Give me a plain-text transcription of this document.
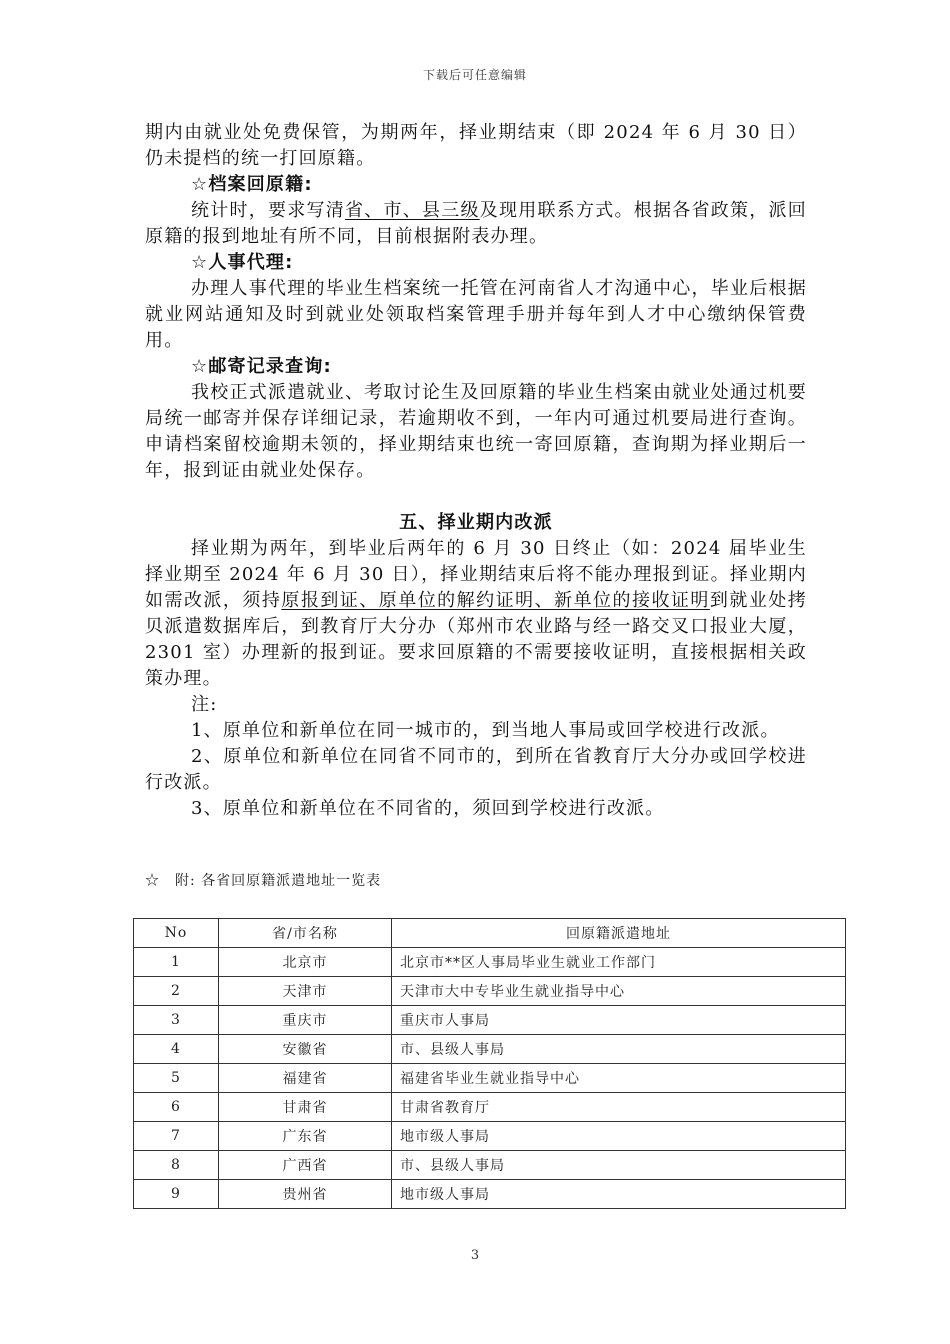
下载后可任意编辑

期内由就业处免费保管，为期两年，择业期结束（即 2024 年 6 月 30 日）仍未提档的统一打回原籍。

☆档案回原籍:

统计时，要求写清省、市、县三级及现用联系方式。根据各省政策，派回原籍的报到地址有所不同，目前根据附表办理。

☆人事代理:

办理人事代理的毕业生档案统一托管在河南省人才沟通中心，毕业后根据就业网站通知及时到就业处领取档案管理手册并每年到人才中心缴纳保管费用。

☆邮寄记录查询:

我校正式派遣就业、考取讨论生及回原籍的毕业生档案由就业处通过机要局统一邮寄并保存详细记录，若逾期收不到，一年内可通过机要局进行查询。申请档案留校逾期未领的，择业期结束也统一寄回原籍，查询期为择业期后一年，报到证由就业处保存。

五、择业期内改派

择业期为两年，到毕业后两年的 6 月 30 日终止（如：2024 届毕业生择业期至 2024 年 6 月 30 日），择业期结束后将不能办理报到证。择业期内如需改派，须持原报到证、原单位的解约证明、新单位的接收证明到就业处拷贝派遣数据库后，到教育厅大分办（郑州市农业路与经一路交叉口报业大厦，2301 室）办理新的报到证。要求回原籍的不需要接收证明，直接根据相关政策办理。

注:

1、原单位和新单位在同一城市的，到当地人事局或回学校进行改派。

2、原单位和新单位在同省不同市的，到所在省教育厅大分办或回学校进行改派。

3、原单位和新单位在不同省的，须回到学校进行改派。

☆　附: 各省回原籍派遣地址一览表
No	省/市名称	回原籍派遣地址
1	北京市	北京市**区人事局毕业生就业工作部门
2	天津市	天津市大中专毕业生就业指导中心
3	重庆市	重庆市人事局
4	安徽省	市、县级人事局
5	福建省	福建省毕业生就业指导中心
6	甘肃省	甘肃省教育厅
7	广东省	地市级人事局
8	广西省	市、县级人事局
9	贵州省	地市级人事局
3
